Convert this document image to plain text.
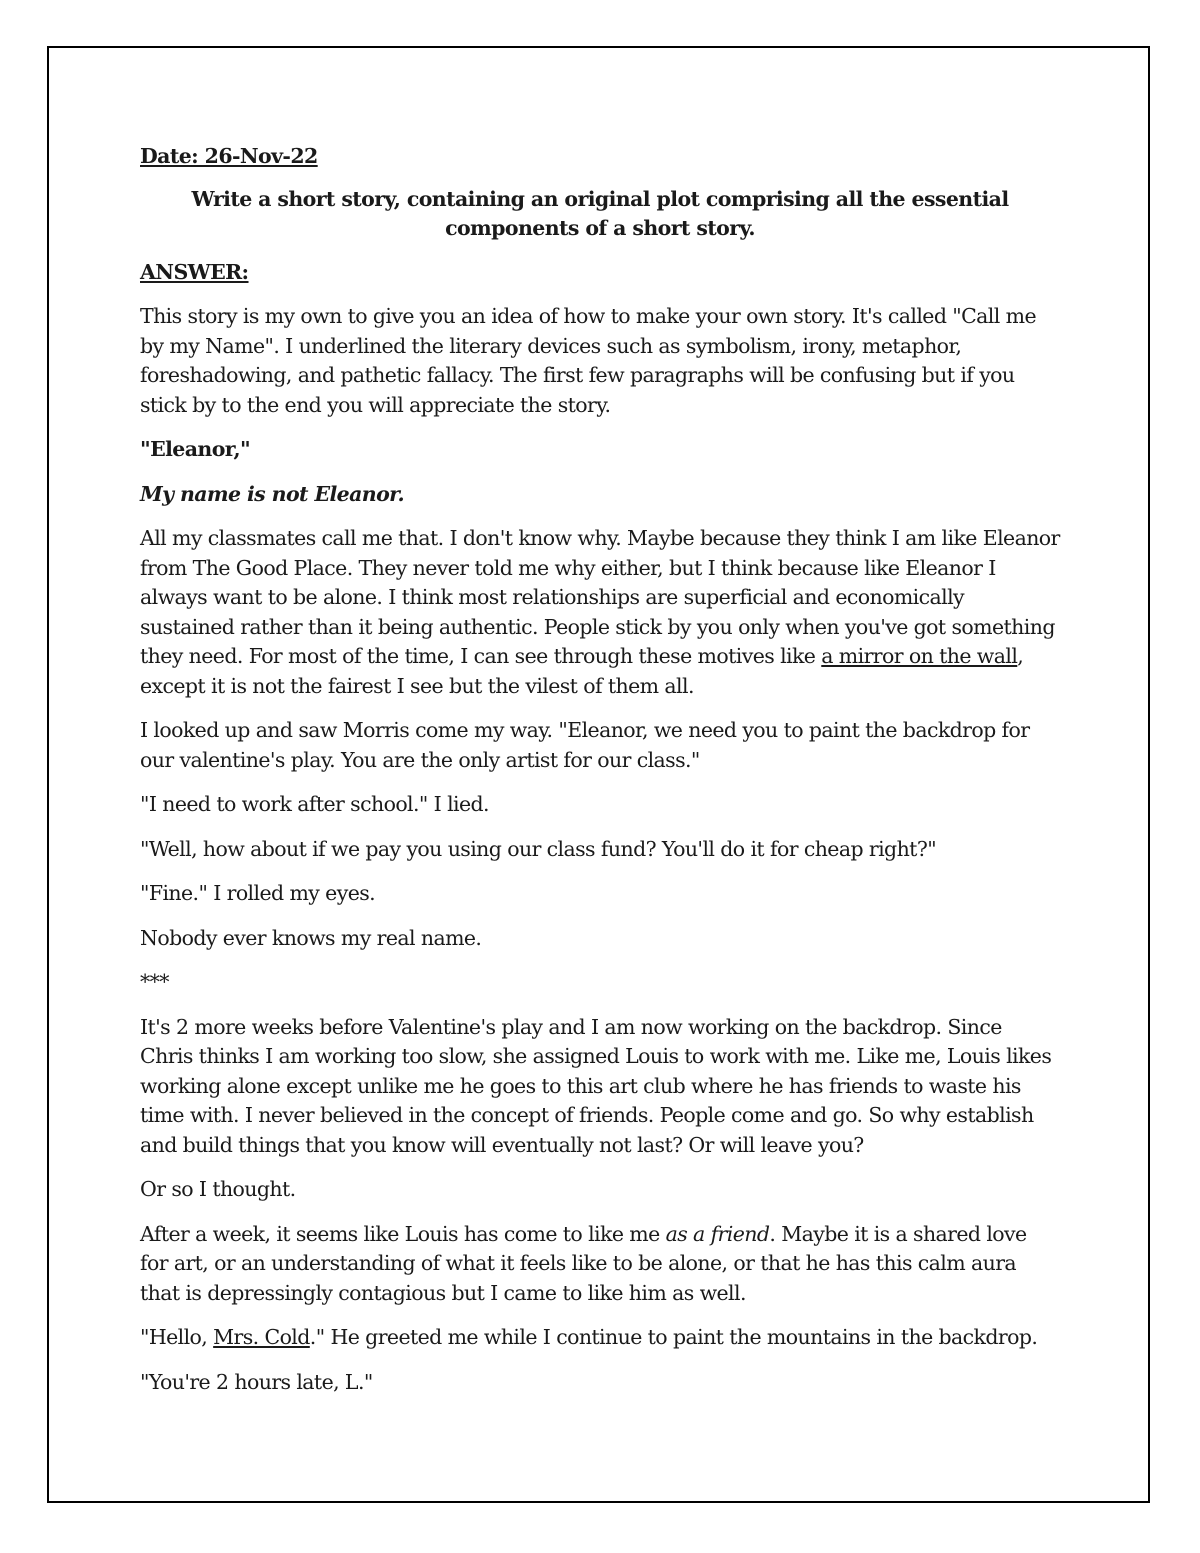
Date: 26-Nov-22

Write a short story, containing an original plot comprising all the essential components of a short story.

ANSWER:

This story is my own to give you an idea of how to make your own story. It's called "Call me by my Name". I underlined the literary devices such as symbolism, irony, metaphor, foreshadowing, and pathetic fallacy. The first few paragraphs will be confusing but if you stick by to the end you will appreciate the story.

"Eleanor,"

My name is not Eleanor.

All my classmates call me that. I don't know why. Maybe because they think I am like Eleanor from The Good Place. They never told me why either, but I think because like Eleanor I always want to be alone. I think most relationships are superficial and economically sustained rather than it being authentic. People stick by you only when you've got something they need. For most of the time, I can see through these motives like a mirror on the wall, except it is not the fairest I see but the vilest of them all.

I looked up and saw Morris come my way. "Eleanor, we need you to paint the backdrop for our valentine's play. You are the only artist for our class."

"I need to work after school." I lied.

"Well, how about if we pay you using our class fund? You'll do it for cheap right?"

"Fine." I rolled my eyes.

Nobody ever knows my real name.

***

It's 2 more weeks before Valentine's play and I am now working on the backdrop. Since Chris thinks I am working too slow, she assigned Louis to work with me. Like me, Louis likes working alone except unlike me he goes to this art club where he has friends to waste his time with. I never believed in the concept of friends. People come and go. So why establish and build things that you know will eventually not last? Or will leave you?

Or so I thought.

After a week, it seems like Louis has come to like me as a friend. Maybe it is a shared love for art, or an understanding of what it feels like to be alone, or that he has this calm aura that is depressingly contagious but I came to like him as well.

"Hello, Mrs. Cold." He greeted me while I continue to paint the mountains in the backdrop.

"You're 2 hours late, L."
